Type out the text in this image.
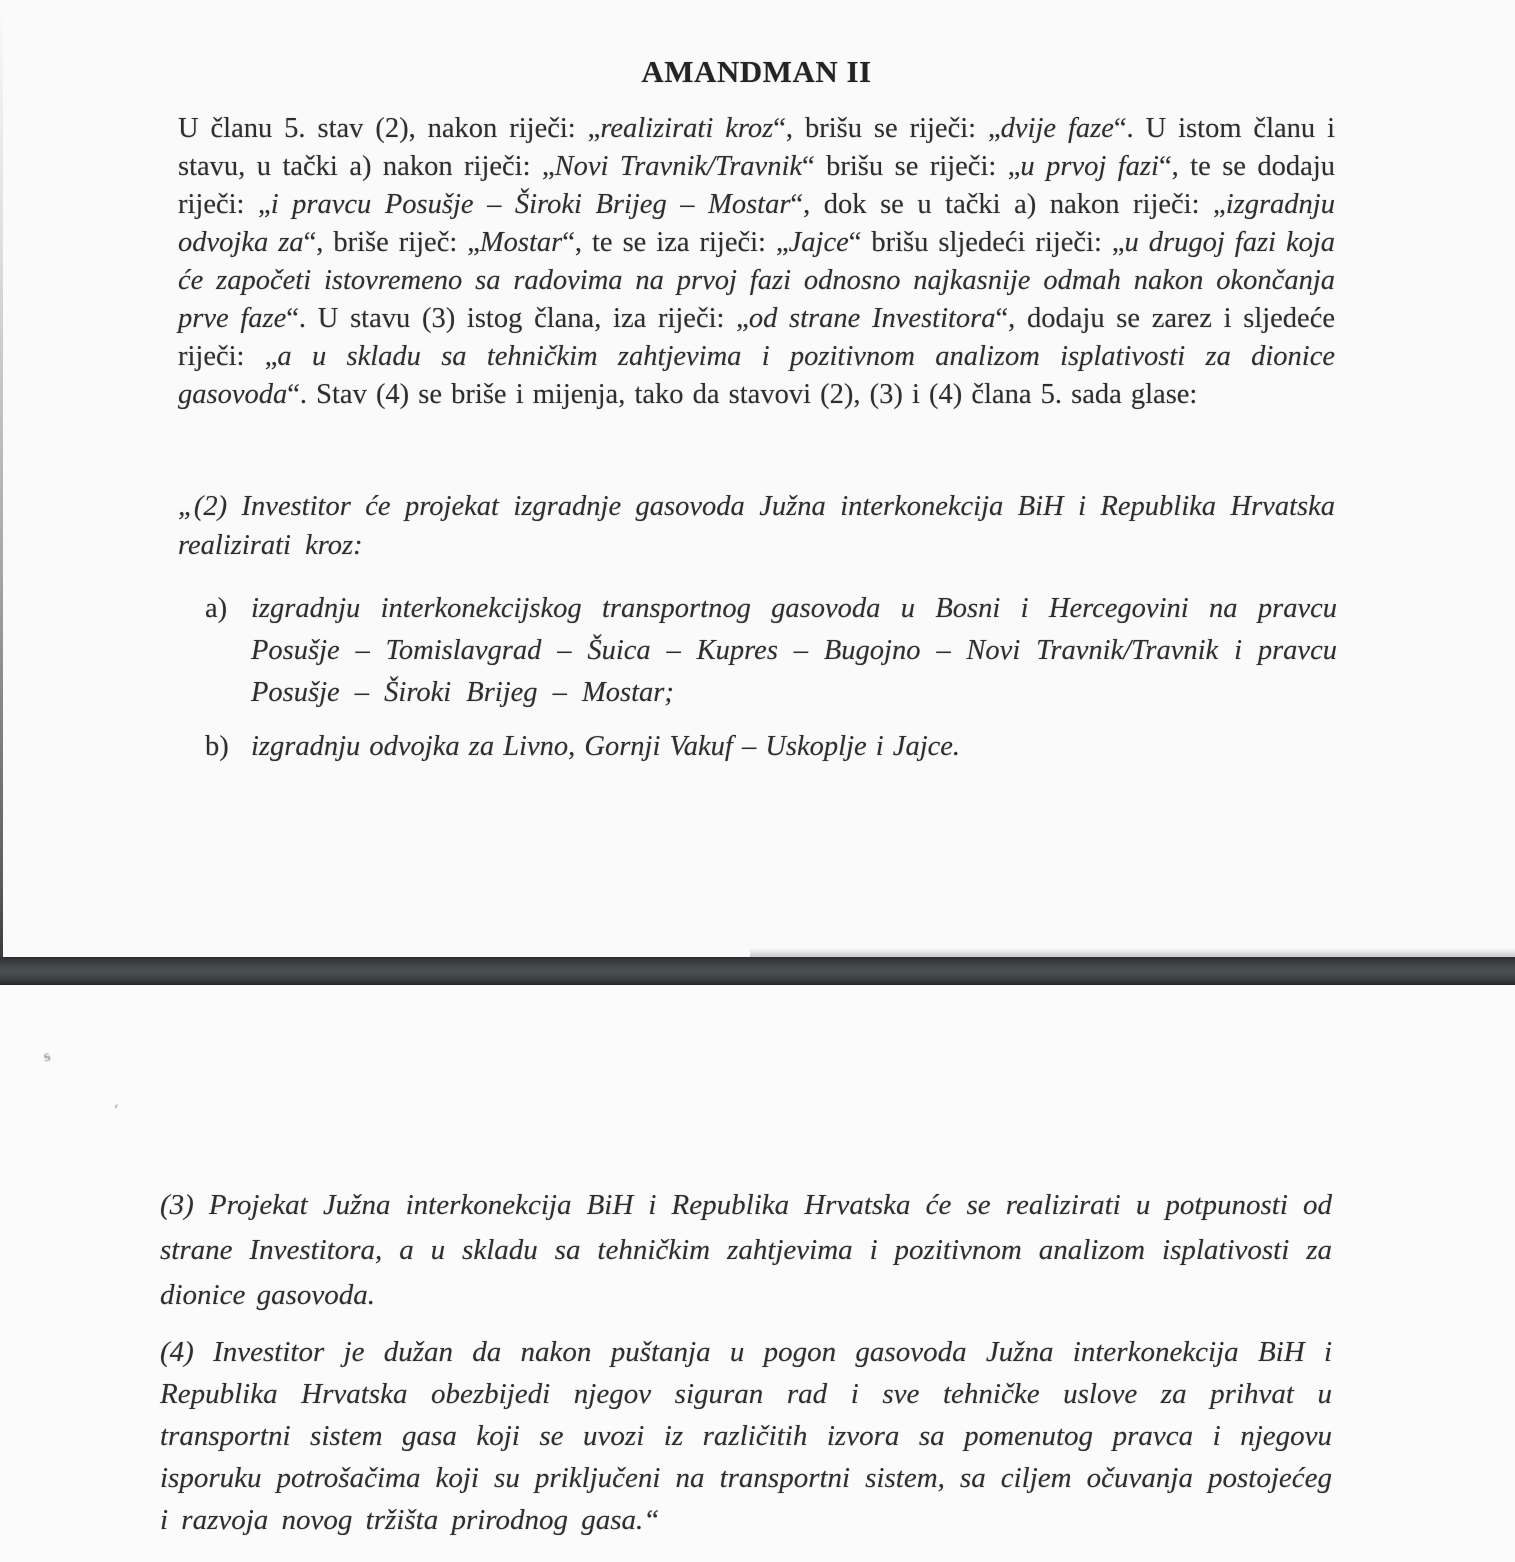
AMANDMAN II
U članu 5. stav (2), nakon riječi: „realizirati kroz“, brišu se riječi: „dvije faze“. U istom članu i stavu, u tački a) nakon riječi: „Novi Travnik/Travnik“ brišu se riječi: „u prvoj fazi“, te se dodaju riječi: „i pravcu Posušje – Široki Brijeg – Mostar“, dok se u tački a) nakon riječi: „izgradnju odvojka za“, briše riječ: „Mostar“, te se iza riječi: „Jajce“ brišu sljedeći riječi: „u drugoj fazi koja će započeti istovremeno sa radovima na prvoj fazi odnosno najkasnije odmah nakon okončanja prve faze“. U stavu (3) istog člana, iza riječi: „od strane Investitora“, dodaju se zarez i sljedeće riječi: „a u skladu sa tehničkim zahtjevima i pozitivnom analizom isplativosti za dionice gasovoda“. Stav (4) se briše i mijenja, tako da stavovi (2), (3) i (4) člana 5. sada glase:
„(2) Investitor će projekat izgradnje gasovoda Južna interkonekcija BiH i Republika Hrvatska realizirati kroz:
a) izgradnju interkonekcijskog transportnog gasovoda u Bosni i Hercegovini na pravcu Posušje – Tomislavgrad – Šuica – Kupres – Bugojno – Novi Travnik/Travnik i pravcu Posušje – Široki Brijeg – Mostar;
b) izgradnju odvojka za Livno, Gornji Vakuf – Uskoplje i Jajce.
ᵴ
ʹ
(3) Projekat Južna interkonekcija BiH i Republika Hrvatska će se realizirati u potpunosti od strane Investitora, a u skladu sa tehničkim zahtjevima i pozitivnom analizom isplativosti za dionice gasovoda.
(4) Investitor je dužan da nakon puštanja u pogon gasovoda Južna interkonekcija BiH i Republika Hrvatska obezbijedi njegov siguran rad i sve tehničke uslove za prihvat u transportni sistem gasa koji se uvozi iz različitih izvora sa pomenutog pravca i njegovu isporuku potrošačima koji su priključeni na transportni sistem, sa ciljem očuvanja postojećeg i razvoja novog tržišta prirodnog gasa.“
